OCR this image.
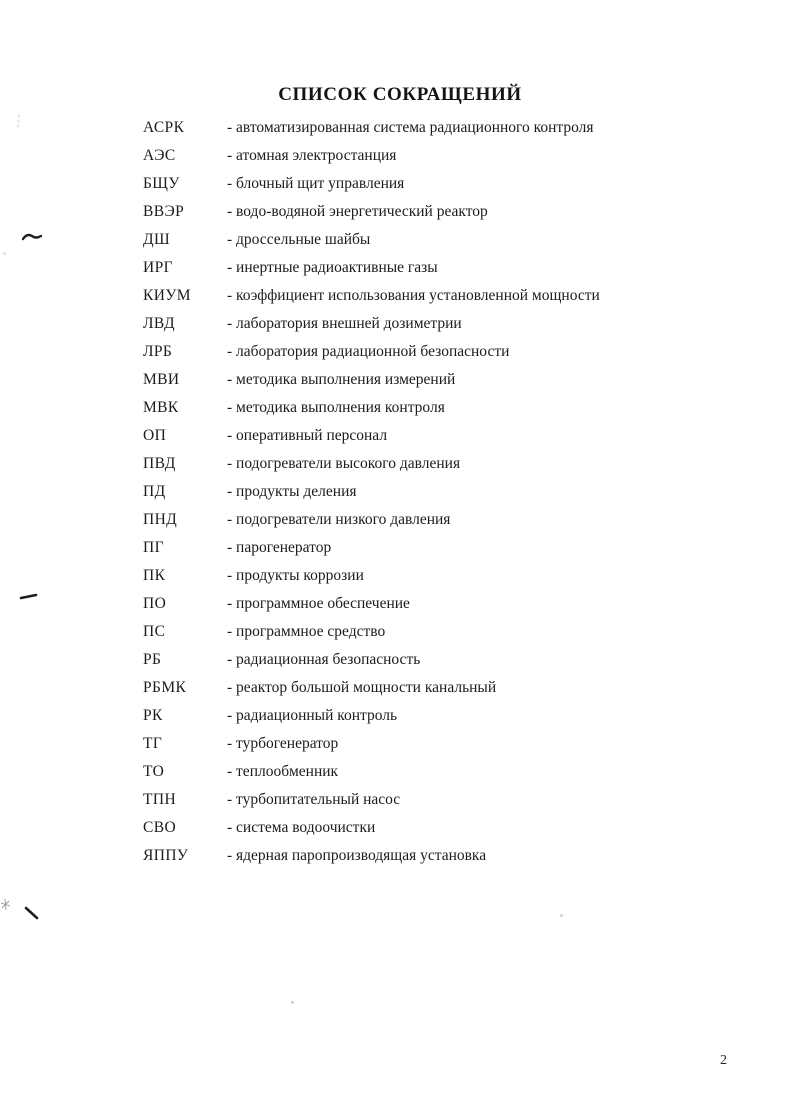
СПИСОК СОКРАЩЕНИЙ
АСРК	- автоматизированная система радиационного контроля
АЭС	- атомная электростанция
БЩУ	- блочный щит управления
ВВЭР	- водо-водяной энергетический реактор
ДШ	- дроссельные шайбы
ИРГ	- инертные радиоактивные газы
КИУМ	- коэффициент использования установленной мощности
ЛВД	- лаборатория внешней дозиметрии
ЛРБ	- лаборатория радиационной безопасности
МВИ	- методика выполнения измерений
МВК	- методика выполнения контроля
ОП	- оперативный персонал
ПВД	- подогреватели высокого давления
ПД	- продукты деления
ПНД	- подогреватели низкого давления
ПГ	- парогенератор
ПК	- продукты коррозии
ПО	- программное обеспечение
ПС	- программное средство
РБ	- радиационная безопасность
РБМК	- реактор большой мощности канальный
РК	- радиационный контроль
ТГ	- турбогенератор
ТО	- теплообменник
ТПН	- турбопитательный насос
СВО	- система водоочистки
ЯППУ	- ядерная паропроизводящая установка
2
